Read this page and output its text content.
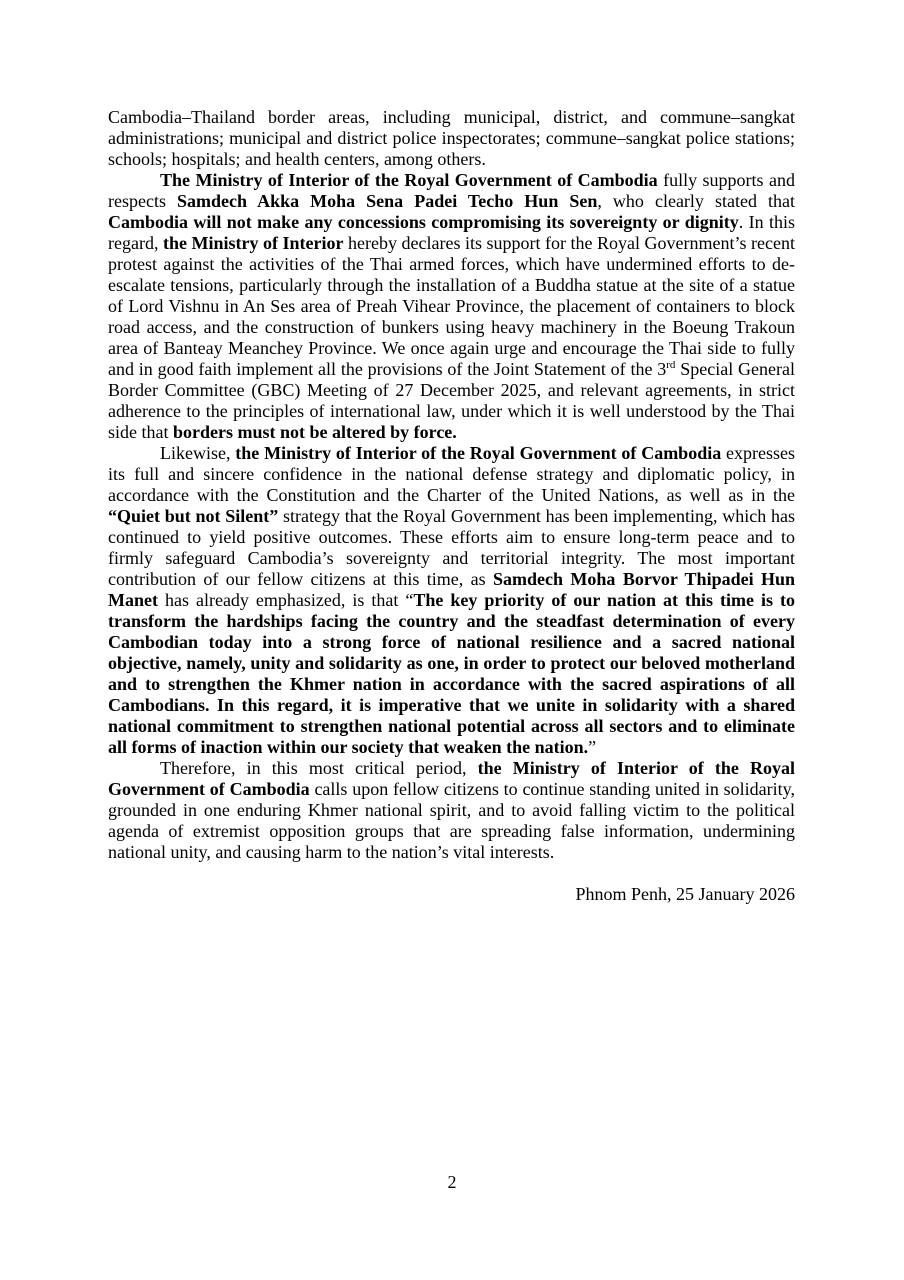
Cambodia–Thailand border areas, including municipal, district, and commune–sangkat administrations; municipal and district police inspectorates; commune–sangkat police stations; schools; hospitals; and health centers, among others.

The Ministry of Interior of the Royal Government of Cambodia fully supports and respects Samdech Akka Moha Sena Padei Techo Hun Sen, who clearly stated that Cambodia will not make any concessions compromising its sovereignty or dignity. In this regard, the Ministry of Interior hereby declares its support for the Royal Government’s recent protest against the activities of the Thai armed forces, which have undermined efforts to de-escalate tensions, particularly through the installation of a Buddha statue at the site of a statue of Lord Vishnu in An Ses area of Preah Vihear Province, the placement of containers to block road access, and the construction of bunkers using heavy machinery in the Boeung Trakoun area of Banteay Meanchey Province. We once again urge and encourage the Thai side to fully and in good faith implement all the provisions of the Joint Statement of the 3rd Special General Border Committee (GBC) Meeting of 27 December 2025, and relevant agreements, in strict adherence to the principles of international law, under which it is well understood by the Thai side that borders must not be altered by force.

Likewise, the Ministry of Interior of the Royal Government of Cambodia expresses its full and sincere confidence in the national defense strategy and diplomatic policy, in accordance with the Constitution and the Charter of the United Nations, as well as in the “Quiet but not Silent” strategy that the Royal Government has been implementing, which has continued to yield positive outcomes. These efforts aim to ensure long-term peace and to firmly safeguard Cambodia’s sovereignty and territorial integrity. The most important contribution of our fellow citizens at this time, as Samdech Moha Borvor Thipadei Hun Manet has already emphasized, is that “The key priority of our nation at this time is to transform the hardships facing the country and the steadfast determination of every Cambodian today into a strong force of national resilience and a sacred national objective, namely, unity and solidarity as one, in order to protect our beloved motherland and to strengthen the Khmer nation in accordance with the sacred aspirations of all Cambodians. In this regard, it is imperative that we unite in solidarity with a shared national commitment to strengthen national potential across all sectors and to eliminate all forms of inaction within our society that weaken the nation.”

Therefore, in this most critical period, the Ministry of Interior of the Royal Government of Cambodia calls upon fellow citizens to continue standing united in solidarity, grounded in one enduring Khmer national spirit, and to avoid falling victim to the political agenda of extremist opposition groups that are spreading false information, undermining national unity, and causing harm to the nation’s vital interests.

Phnom Penh, 25 January 2026

2
